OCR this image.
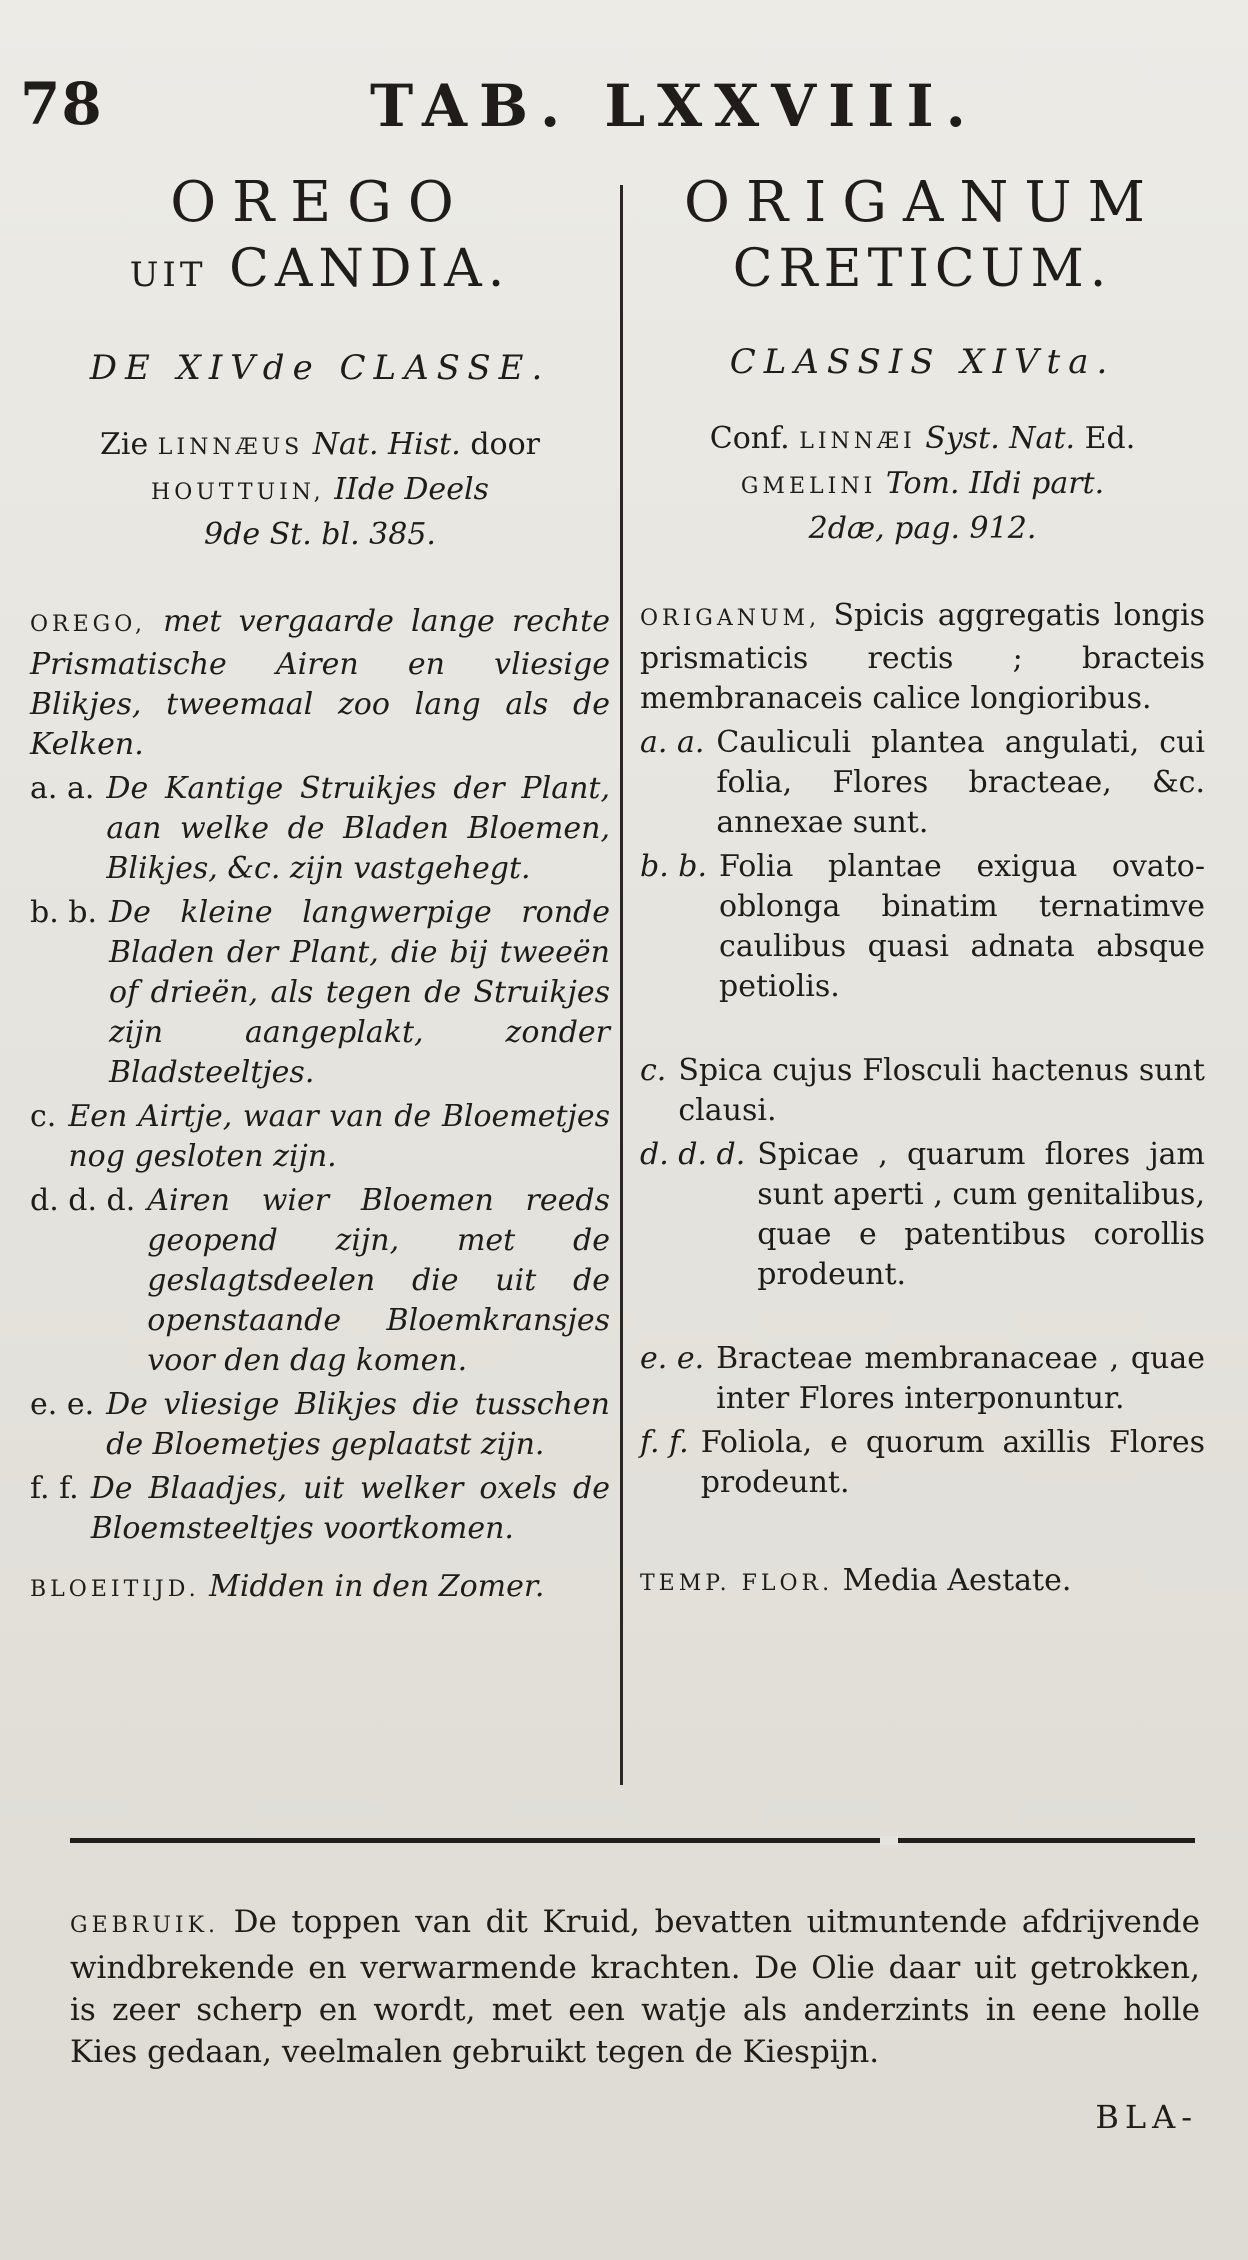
78	TAB. LXXVIII.
OREGO
UIT CANDIA.
DE XIVde CLASSE.
Zie LINNÆUS Nat. Hist. door
HOUTTUIN, IIde Deels
9de St. bl. 385.

OREGO, met vergaarde lange rechte Prismatische Airen en vliesige Blikjes, tweemaal zoo lang als de Kelken.

a. a. De Kantige Struikjes der Plant, aan welke de Bladen Bloemen, Blikjes, &c. zijn vastgehegt.
b. b. De kleine langwerpige ronde Bladen der Plant, die bij tweeën of drieën, als tegen de Struikjes zijn aangeplakt, zonder Bladsteeltjes.
c. Een Airtje, waar van de Bloemetjes nog gesloten zijn.
d. d. d. Airen wier Bloemen reeds geopend zijn, met de geslagtsdeelen die uit de openstaande Bloemkransjes voor den dag komen.
e. e. De vliesige Blikjes die tusschen de Bloemetjes geplaatst zijn.
f. f. De Blaadjes, uit welker oxels de Bloemsteeltjes voortkomen.
BLOEITIJD. Midden in den Zomer.
ORIGANUM
CRETICUM.
CLASSIS XIVta.
Conf. LINNÆI Syst. Nat. Ed.
GMELINI Tom. IIdi part.
2dæ, pag. 912.

ORIGANUM, Spicis aggregatis longis prismaticis rectis ; bracteis membranaceis calice longioribus.

a. a. Cauliculi plantea angulati, cui folia, Flores bracteae, &c. annexae sunt.
b. b. Folia plantae exigua ovato-oblonga binatim ternatimve caulibus quasi adnata absque petiolis.
c. Spica cujus Flosculi hactenus sunt clausi.
d. d. d. Spicae , quarum flores jam sunt aperti , cum genitalibus, quae e patentibus corollis prodeunt.
e. e. Bracteae membranaceae , quae inter Flores interponuntur.
f. f. Foliola, e quorum axillis Flores prodeunt.
TEMP. FLOR. Media Aestate.

GEBRUIK. De toppen van dit Kruid, bevatten uitmuntende afdrijvende windbrekende en verwarmende krachten. De Olie daar uit getrokken, is zeer scherp en wordt, met een watje als anderzints in eene holle Kies gedaan, veelmalen gebruikt tegen de Kiespijn.

BLA-
